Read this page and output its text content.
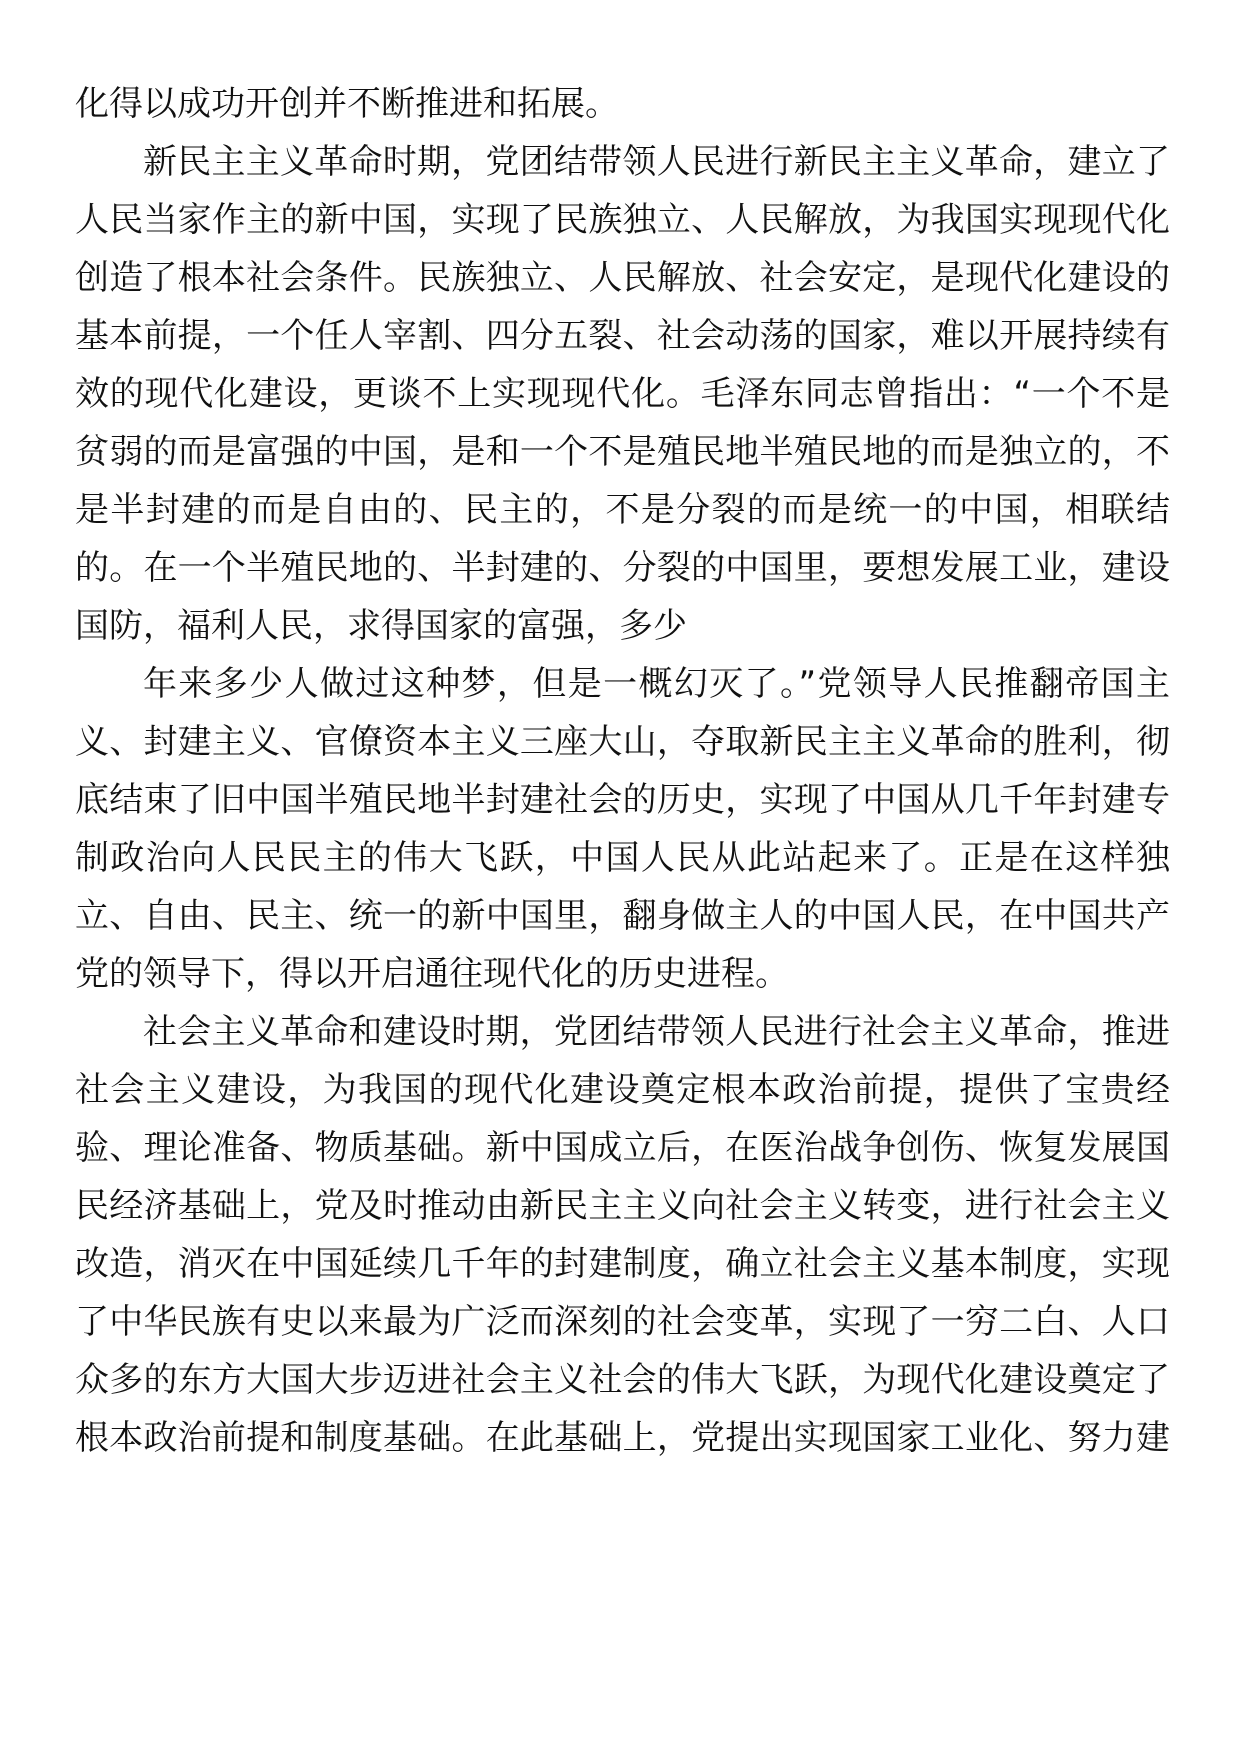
化得以成功开创并不断推进和拓展。
新民主主义革命时期，党团结带领人民进行新民主主义革命，建立了
人民当家作主的新中国，实现了民族独立、人民解放，为我国实现现代化
创造了根本社会条件。民族独立、人民解放、社会安定，是现代化建设的
基本前提，一个任人宰割、四分五裂、社会动荡的国家，难以开展持续有
效的现代化建设，更谈不上实现现代化。毛泽东同志曾指出：“一个不是
贫弱的而是富强的中国，是和一个不是殖民地半殖民地的而是独立的，不
是半封建的而是自由的、民主的，不是分裂的而是统一的中国，相联结
的。在一个半殖民地的、半封建的、分裂的中国里，要想发展工业，建设
国防，福利人民，求得国家的富强，多少
年来多少人做过这种梦，但是一概幻灭了。”党领导人民推翻帝国主
义、封建主义、官僚资本主义三座大山，夺取新民主主义革命的胜利，彻
底结束了旧中国半殖民地半封建社会的历史，实现了中国从几千年封建专
制政治向人民民主的伟大飞跃，中国人民从此站起来了。正是在这样独
立、自由、民主、统一的新中国里，翻身做主人的中国人民，在中国共产
党的领导下，得以开启通往现代化的历史进程。
社会主义革命和建设时期，党团结带领人民进行社会主义革命，推进
社会主义建设，为我国的现代化建设奠定根本政治前提，提供了宝贵经
验、理论准备、物质基础。新中国成立后，在医治战争创伤、恢复发展国
民经济基础上，党及时推动由新民主主义向社会主义转变，进行社会主义
改造，消灭在中国延续几千年的封建制度，确立社会主义基本制度，实现
了中华民族有史以来最为广泛而深刻的社会变革，实现了一穷二白、人口
众多的东方大国大步迈进社会主义社会的伟大飞跃，为现代化建设奠定了
根本政治前提和制度基础。在此基础上，党提出实现国家工业化、努力建
